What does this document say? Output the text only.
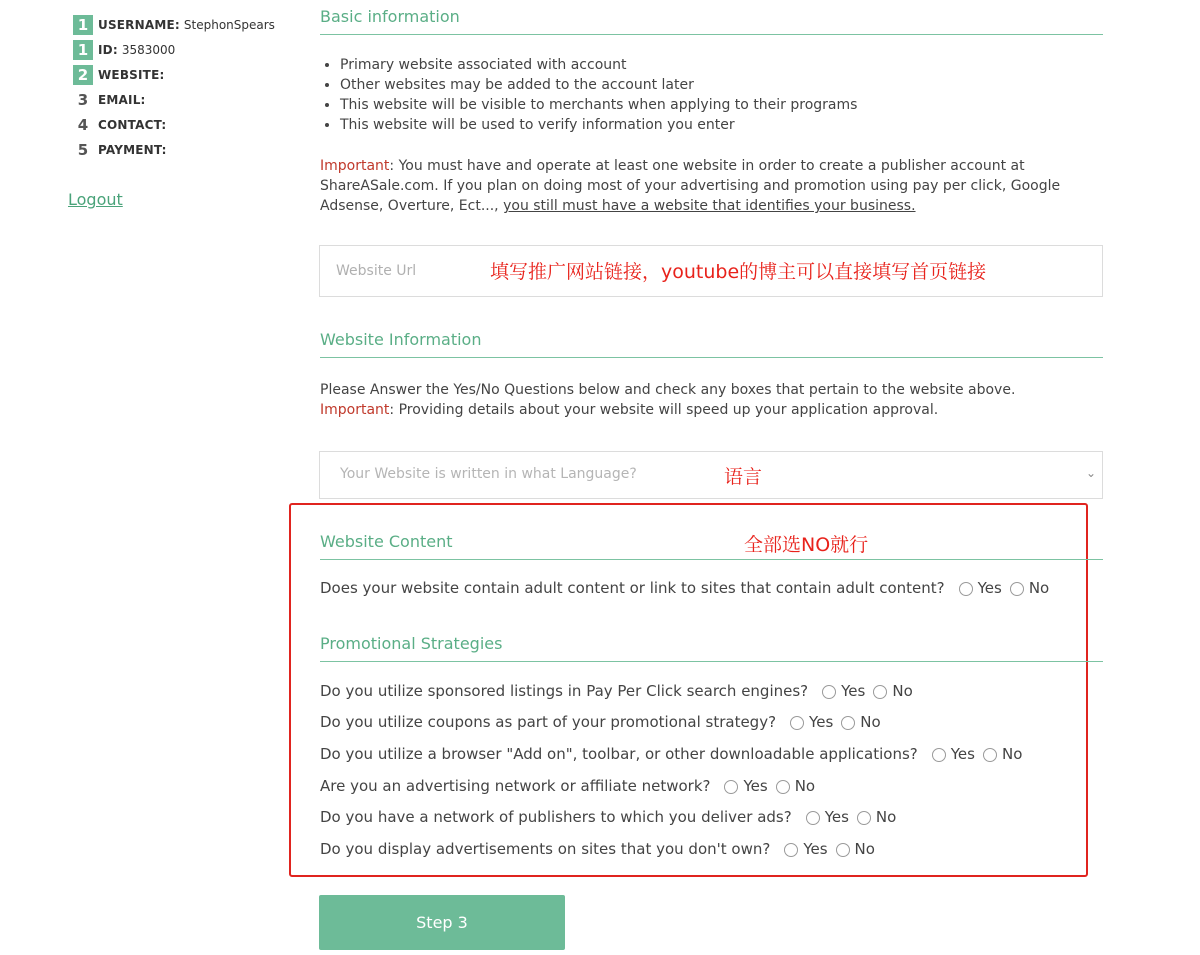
1 USERNAME: StephonSpears
1 ID: 3583000
2 WEBSITE:
3 EMAIL:
4 CONTACT:
5 PAYMENT:
Logout
Basic information
• Primary website associated with account
• Other websites may be added to the account later
• This website will be visible to merchants when applying to their programs
• This website will be used to verify information you enter

Important: You must have and operate at least one website in order to create a publisher account at ShareASale.com. If you plan on doing most of your advertising and promotion using pay per click, Google Adsense, Overture, Ect..., you still must have a website that identifies your business.

Website Url
填写推广网站链接，youtube的博主可以直接填写首页链接
Website Information

Please Answer the Yes/No Questions below and check any boxes that pertain to the website above.

Important: Providing details about your website will speed up your application approval.

Your Website is written in what Language?	⌄
语言
全部选NO就行
Website Content
Does your website contain adult content or link to sites that contain adult content? Yes No
Promotional Strategies
Do you utilize sponsored listings in Pay Per Click search engines? Yes No
Do you utilize coupons as part of your promotional strategy? Yes No
Do you utilize a browser "Add on", toolbar, or other downloadable applications? Yes No
Are you an advertising network or affiliate network? Yes No
Do you have a network of publishers to which you deliver ads? Yes No
Do you display advertisements on sites that you don't own? Yes No
Step 3
